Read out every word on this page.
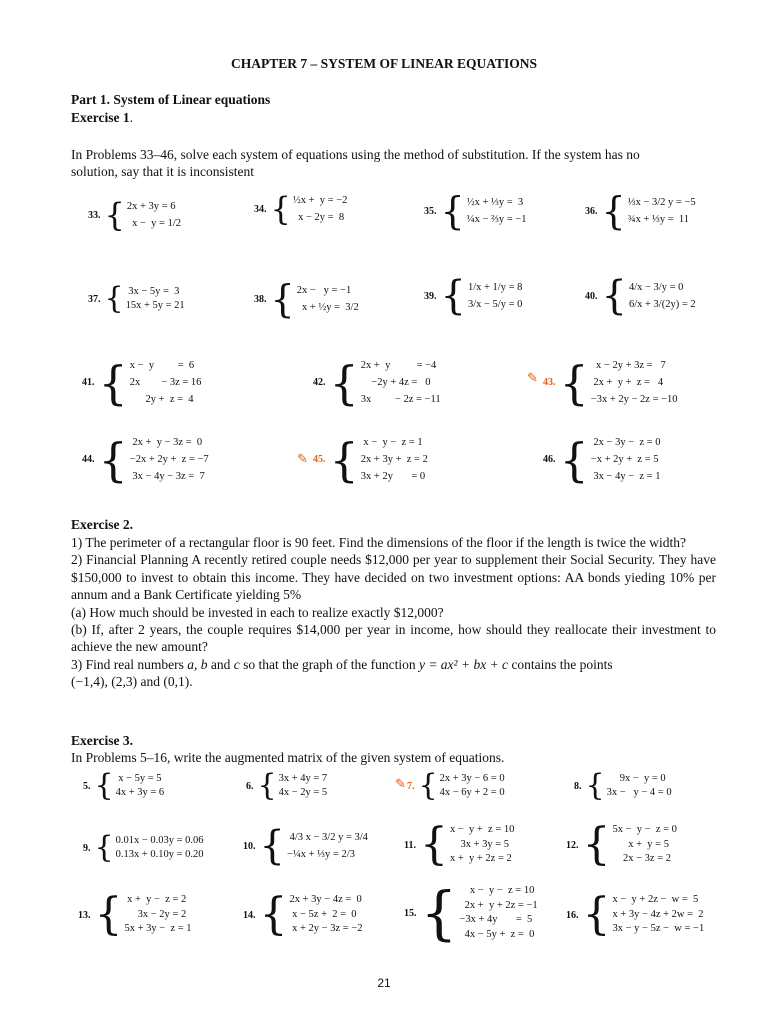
CHAPTER 7 – SYSTEM OF LINEAR EQUATIONS
Part 1. System of Linear equations
Exercise 1.
In Problems 33–46, solve each system of equations using the method of substitution. If the system has no
solution, say that it is inconsistent
33. { 2x + 3y = 6
x −  y = 1/2
34. { ½x +  y = −2
x − 2y =  8
35. { ½x + ⅓y =  3
¼x − ⅔y = −1
36. { ⅓x − 3/2 y = −5
¾x + ⅓y =  11
37. { 3x − 5y =  3
15x + 5y = 21
38. { 2x −   y = −1
x + ½y =  3/2
39. { 1/x + 1/y = 8
3/x − 5/y = 0
40. { 4/x − 3/y = 0
6/x + 3/(2y) = 2
41. { x −  y         =  6
2x        − 3z = 16
2y +  z =  4
42. { 2x +  y          = −4
−2y + 4z =   0
3x         − 2z = −11
✎ 43. { x − 2y + 3z =   7
2x +  y +  z =   4
−3x + 2y − 2z = −10
44. { 2x +  y − 3z =  0
−2x + 2y +  z = −7
3x − 4y − 3z =  7
✎ 45. { x −  y −  z = 1
2x + 3y +  z = 2
3x + 2y       = 0
46. { 2x − 3y −  z = 0
−x + 2y +  z = 5
3x − 4y −  z = 1
Exercise 2.

1) The perimeter of a rectangular floor is 90 feet. Find the dimensions of the floor if the length is twice the width?

2) Financial Planning A recently retired couple needs $12,000 per year to supplement their Social Security. They have $150,000 to invest to obtain this income. They have decided on two investment options: AA bonds yieding 10% per annum and a Bank Certificate yielding 5%

(a) How much should be invested in each to realize exactly $12,000?

(b) If, after 2 years, the couple requires $14,000 per year in income, how should they reallocate their investment to achieve the new amount?

3) Find real numbers a, b and c so that the graph of the function y = ax² + bx + c contains the points
(−1,4), (2,3) and (0,1).

Exercise 3.
In Problems 5–16, write the augmented matrix of the given system of equations.
5. { x − 5y = 5
4x + 3y = 6
6. { 3x + 4y = 7
4x − 2y = 5
✎ 7. { 2x + 3y − 6 = 0
4x − 6y + 2 = 0
8. { 9x −  y = 0
3x −   y − 4 = 0
9. { 0.01x − 0.03y = 0.06
0.13x + 0.10y = 0.20
10. { 4/3 x − 3/2 y = 3/4
−¼x + ⅓y = 2/3
11. { x −  y +  z = 10
3x + 3y = 5
x +  y + 2z = 2
12. { 5x −  y −  z = 0
x +  y = 5
2x − 3z = 2
13. { x +  y −  z = 2
3x − 2y = 2
5x + 3y −  z = 1
14. { 2x + 3y − 4z =  0
x − 5z +  2 =  0
x + 2y − 3z = −2
15. { x −  y −  z = 10
2x +  y + 2z = −1
−3x + 4y       =  5
4x − 5y +  z =  0
16. { x −  y + 2z −  w =  5
x + 3y − 4z + 2w =  2
3x − y − 5z −  w = −1
21
